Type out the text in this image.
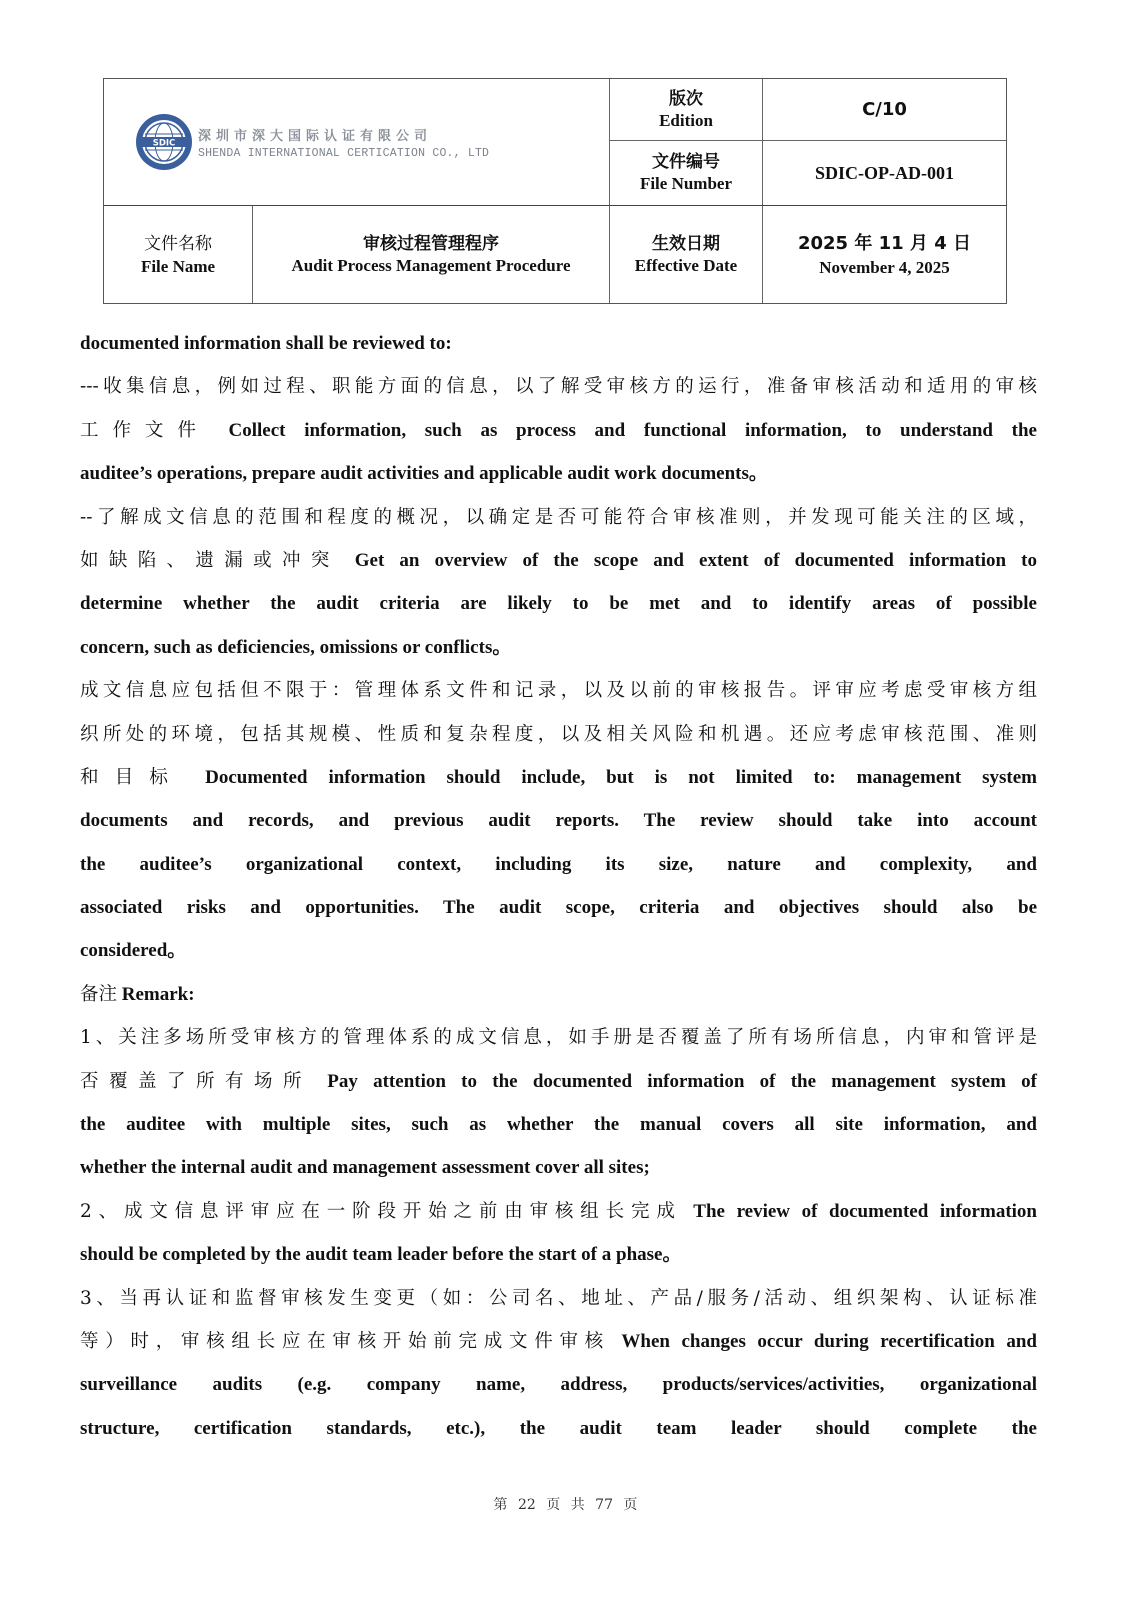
SDIC 深圳市深大国际认证有限公司
SHENDA INTERNATIONAL CERTICATION CO., LTD
版次
Edition	C/10
文件编号
File Number
SDIC-OP-AD-001
文件名称
File Name
审核过程管理程序
Audit Process Management Procedure
生效日期
Effective Date
2025 年 11 月 4 日
November 4, 2025
documented information shall be reviewed to:
---收集信息，例如过程、职能方面的信息，以了解受审核方的运行，准备审核活动和适用的审核
工作文件 Collect information, such as process and functional information, to understand the
auditee’s operations, prepare audit activities and applicable audit work documents。
--了解成文信息的范围和程度的概况，以确定是否可能符合审核准则，并发现可能关注的区域，
如缺陷、遗漏或冲突 Get an overview of the scope and extent of documented information to
determine whether the audit criteria are likely to be met and to identify areas of possible
concern, such as deficiencies, omissions or conflicts。
成文信息应包括但不限于：管理体系文件和记录，以及以前的审核报告。评审应考虑受审核方组
织所处的环境，包括其规模、性质和复杂程度，以及相关风险和机遇。还应考虑审核范围、准则
和目标 Documented information should include, but is not limited to: management system
documents and records, and previous audit reports. The review should take into account
the auditee’s organizational context, including its size, nature and complexity, and
associated risks and opportunities. The audit scope, criteria and objectives should also be
considered。
备注 Remark:
1、关注多场所受审核方的管理体系的成文信息，如手册是否覆盖了所有场所信息，内审和管评是
否覆盖了所有场所 Pay attention to the documented information of the management system of
the auditee with multiple sites, such as whether the manual covers all site information, and
whether the internal audit and management assessment cover all sites;
2、成文信息评审应在一阶段开始之前由审核组长完成 The review of documented information
should be completed by the audit team leader before the start of a phase。
3、当再认证和监督审核发生变更（如：公司名、地址、产品/服务/活动、组织架构、认证标准
等）时，审核组长应在审核开始前完成文件审核 When changes occur during recertification and
surveillance audits (e.g. company name, address, products/services/activities, organizational
structure, certification standards, etc.), the audit team leader should complete the
第 22 页 共 77 页
